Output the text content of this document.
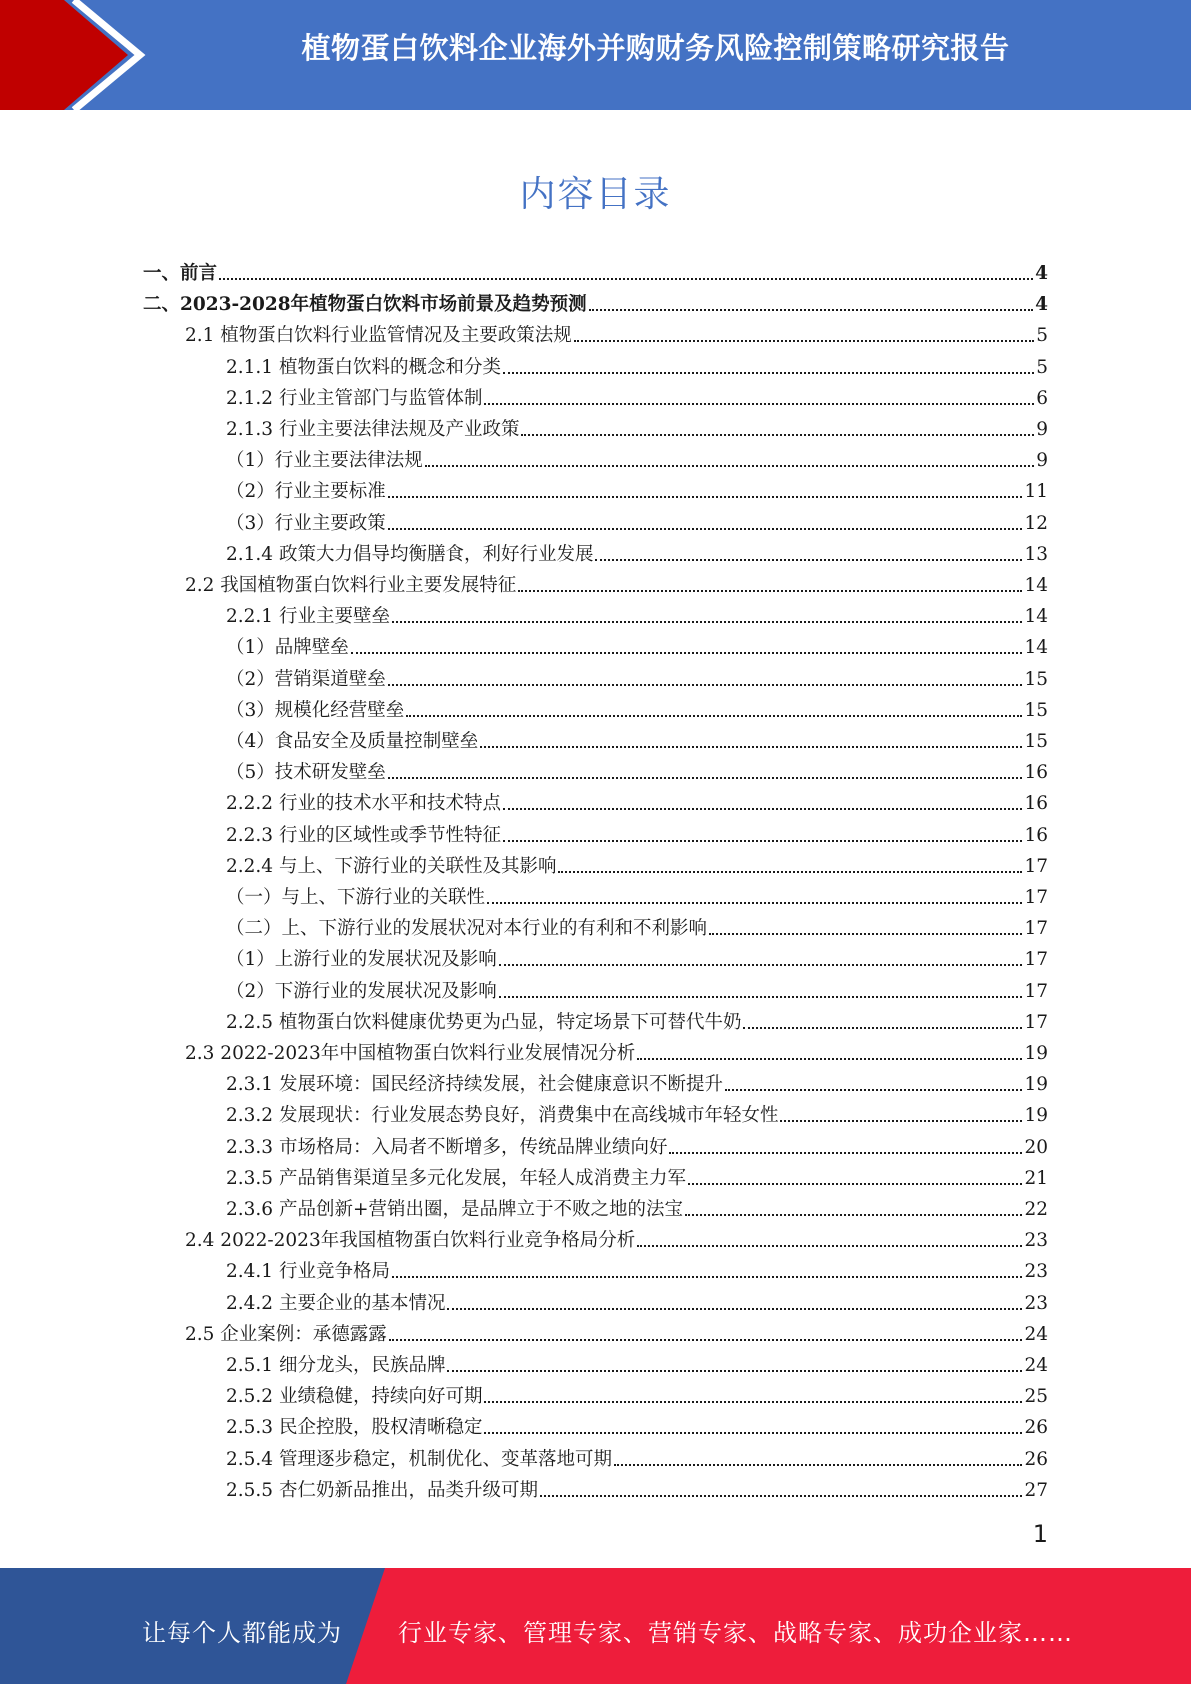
植物蛋白饮料企业海外并购财务风险控制策略研究报告
内容目录
一、前言	4
二、2023-2028年植物蛋白饮料市场前景及趋势预测	4
2.1 植物蛋白饮料行业监管情况及主要政策法规	5
2.1.1 植物蛋白饮料的概念和分类	5
2.1.2 行业主管部门与监管体制	6
2.1.3 行业主要法律法规及产业政策	9
（1）行业主要法律法规	9
（2）行业主要标准	11
（3）行业主要政策	12
2.1.4 政策大力倡导均衡膳食，利好行业发展	13
2.2 我国植物蛋白饮料行业主要发展特征	14
2.2.1 行业主要壁垒	14
（1）品牌壁垒	14
（2）营销渠道壁垒	15
（3）规模化经营壁垒	15
（4）食品安全及质量控制壁垒	15
（5）技术研发壁垒	16
2.2.2 行业的技术水平和技术特点	16
2.2.3 行业的区域性或季节性特征	16
2.2.4 与上、下游行业的关联性及其影响	17
（一）与上、下游行业的关联性	17
（二）上、下游行业的发展状况对本行业的有利和不利影响	17
（1）上游行业的发展状况及影响	17
（2）下游行业的发展状况及影响	17
2.2.5 植物蛋白饮料健康优势更为凸显，特定场景下可替代牛奶	17
2.3 2022-2023年中国植物蛋白饮料行业发展情况分析	19
2.3.1 发展环境：国民经济持续发展，社会健康意识不断提升	19
2.3.2 发展现状：行业发展态势良好，消费集中在高线城市年轻女性	19
2.3.3 市场格局：入局者不断增多，传统品牌业绩向好	20
2.3.5 产品销售渠道呈多元化发展，年轻人成消费主力军	21
2.3.6 产品创新+营销出圈，是品牌立于不败之地的法宝	22
2.4 2022-2023年我国植物蛋白饮料行业竞争格局分析	23
2.4.1 行业竞争格局	23
2.4.2 主要企业的基本情况	23
2.5 企业案例：承德露露	24
2.5.1 细分龙头，民族品牌	24
2.5.2 业绩稳健，持续向好可期	25
2.5.3 民企控股，股权清晰稳定	26
2.5.4 管理逐步稳定，机制优化、变革落地可期	26
2.5.5 杏仁奶新品推出，品类升级可期	27
1
让每个人都能成为 行业专家、管理专家、营销专家、战略专家、成功企业家……
